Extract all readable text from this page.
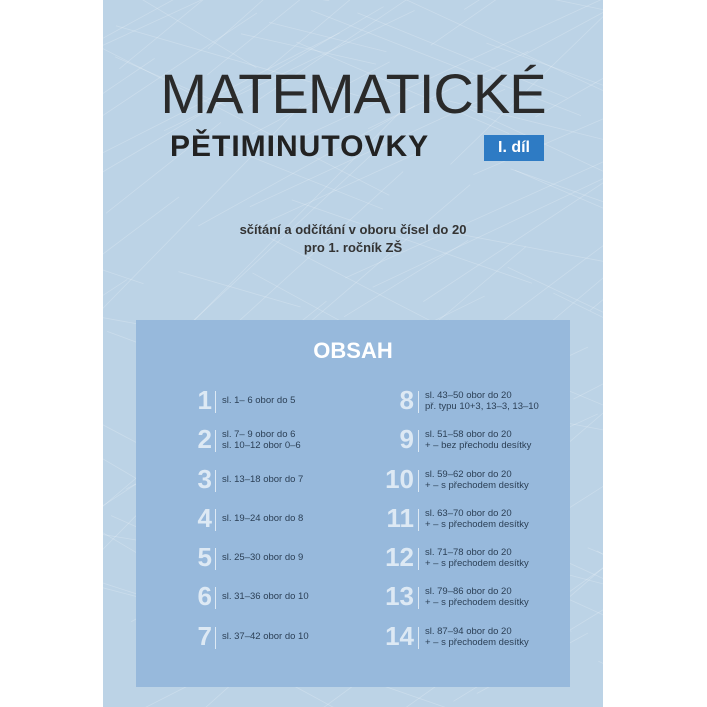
MATEMATICKÉ
PĚTIMINUTOVKY	I. díl
sčítání a odčítání v oboru čísel do 20
pro 1. ročník ZŠ
OBSAH
1 sl. 1– 6 obor do 5
2 sl. 7– 9 obor do 6
sl. 10–12 obor 0–6
3 sl. 13–18 obor do 7
4 sl. 19–24 obor do 8
5 sl. 25–30 obor do 9
6 sl. 31–36 obor do 10
7 sl. 37–42 obor do 10
8 sl. 43–50 obor do 20
př. typu 10+3, 13–3, 13–10
9 sl. 51–58 obor do 20
+ – bez přechodu desítky
10 sl. 59–62 obor do 20
+ – s přechodem desítky
11 sl. 63–70 obor do 20
+ – s přechodem desítky
12 sl. 71–78 obor do 20
+ – s přechodem desítky
13 sl. 79–86 obor do 20
+ – s přechodem desítky
14 sl. 87–94 obor do 20
+ – s přechodem desítky
